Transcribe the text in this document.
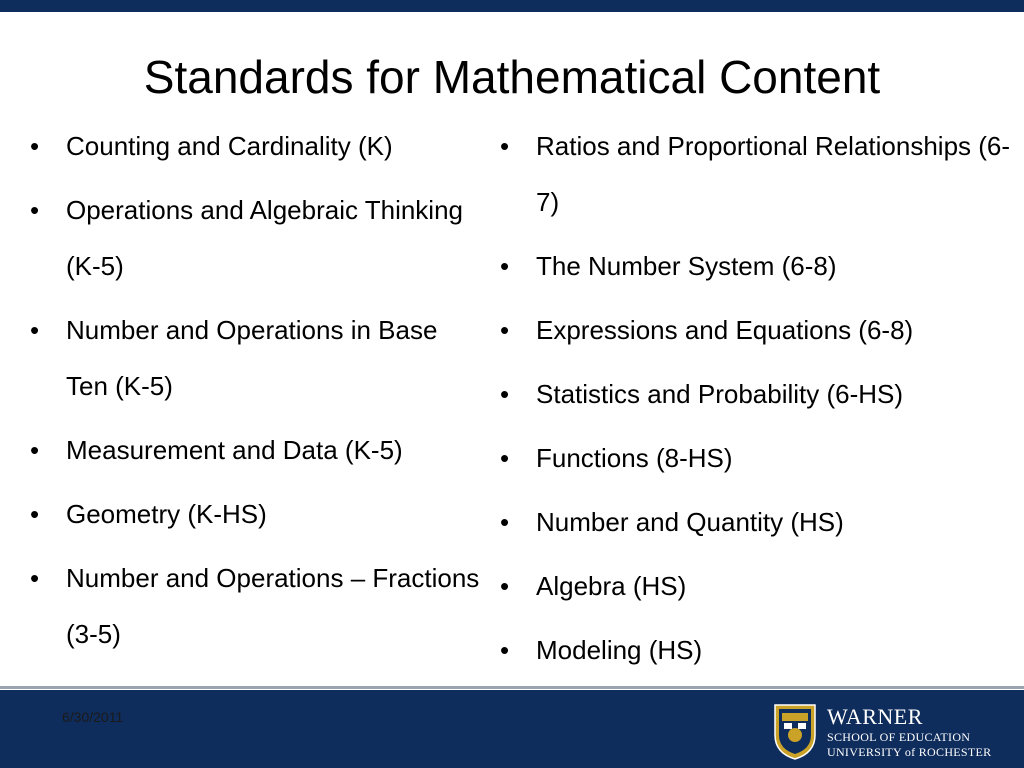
Standards for Mathematical Content
•	Counting and Cardinality (K)
•	Operations and Algebraic Thinking (K-5)
•	Number and Operations in Base Ten (K-5)
•	Measurement and Data (K-5)
•	Geometry (K-HS)
•	Number and Operations – Fractions (3-5)
•	Ratios and Proportional Relationships (6-7)
•	The Number System (6-8)
•	Expressions and Equations (6-8)
•	Statistics and Probability (6-HS)
•	Functions (8-HS)
•	Number and Quantity (HS)
•	Algebra (HS)
•	Modeling (HS)
6/30/2011	WARNER
SCHOOL OF EDUCATION
UNIVERSITY of ROCHESTER
